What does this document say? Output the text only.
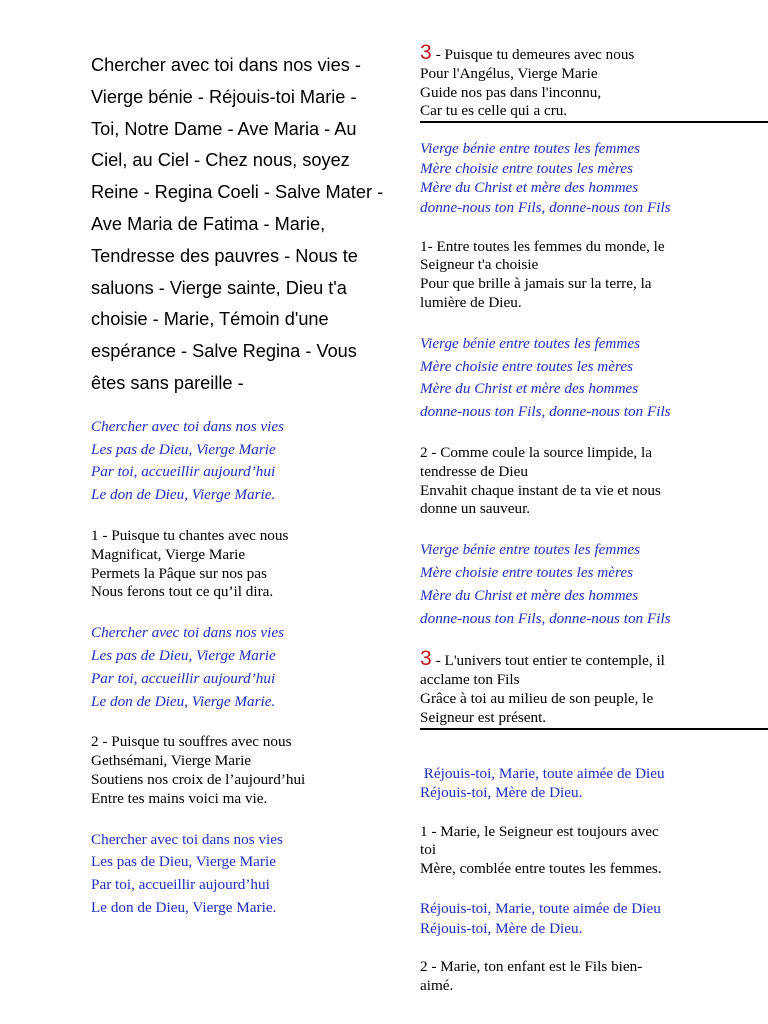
Chercher avec toi dans nos vies - Vierge bénie - Réjouis-toi Marie - Toi, Notre Dame - Ave Maria - Au Ciel, au Ciel - Chez nous, soyez Reine - Regina Coeli - Salve Mater - Ave Maria de Fatima - Marie, Tendresse des pauvres - Nous te saluons - Vierge sainte, Dieu t'a choisie - Marie, Témoin d'une espérance - Salve Regina - Vous êtes sans pareille -

Chercher avec toi dans nos vies
Les pas de Dieu, Vierge Marie
Par toi, accueillir aujourd’hui
Le don de Dieu, Vierge Marie.
1 - Puisque tu chantes avec nous
Magnificat, Vierge Marie
Permets la Pâque sur nos pas
Nous ferons tout ce qu’il dira.
Chercher avec toi dans nos vies
Les pas de Dieu, Vierge Marie
Par toi, accueillir aujourd’hui
Le don de Dieu, Vierge Marie.
2 - Puisque tu souffres avec nous
Gethsémani, Vierge Marie
Soutiens nos croix de l’aujourd’hui
Entre tes mains voici ma vie.
Chercher avec toi dans nos vies
Les pas de Dieu, Vierge Marie
Par toi, accueillir aujourd’hui
Le don de Dieu, Vierge Marie.
3 - Puisque tu demeures avec nous
Pour l'Angélus, Vierge Marie
Guide nos pas dans l'inconnu,
Car tu es celle qui a cru.
Vierge bénie entre toutes les femmes
Mère choisie entre toutes les mères
Mère du Christ et mère des hommes
donne-nous ton Fils, donne-nous ton Fils
1- Entre toutes les femmes du monde, le
Seigneur t'a choisie
Pour que brille à jamais sur la terre, la
lumière de Dieu.
Vierge bénie entre toutes les femmes
Mère choisie entre toutes les mères
Mère du Christ et mère des hommes
donne-nous ton Fils, donne-nous ton Fils
2 - Comme coule la source limpide, la
tendresse de Dieu
Envahit chaque instant de ta vie et nous
donne un sauveur.
Vierge bénie entre toutes les femmes
Mère choisie entre toutes les mères
Mère du Christ et mère des hommes
donne-nous ton Fils, donne-nous ton Fils
3 - L'univers tout entier te contemple, il
acclame ton Fils
Grâce à toi au milieu de son peuple, le
Seigneur est présent.
Réjouis-toi, Marie, toute aimée de Dieu
Réjouis-toi, Mère de Dieu.
1 - Marie, le Seigneur est toujours avec
toi
Mère, comblée entre toutes les femmes.
Réjouis-toi, Marie, toute aimée de Dieu
Réjouis-toi, Mère de Dieu.
2 - Marie, ton enfant est le Fils bien-
aimé.
